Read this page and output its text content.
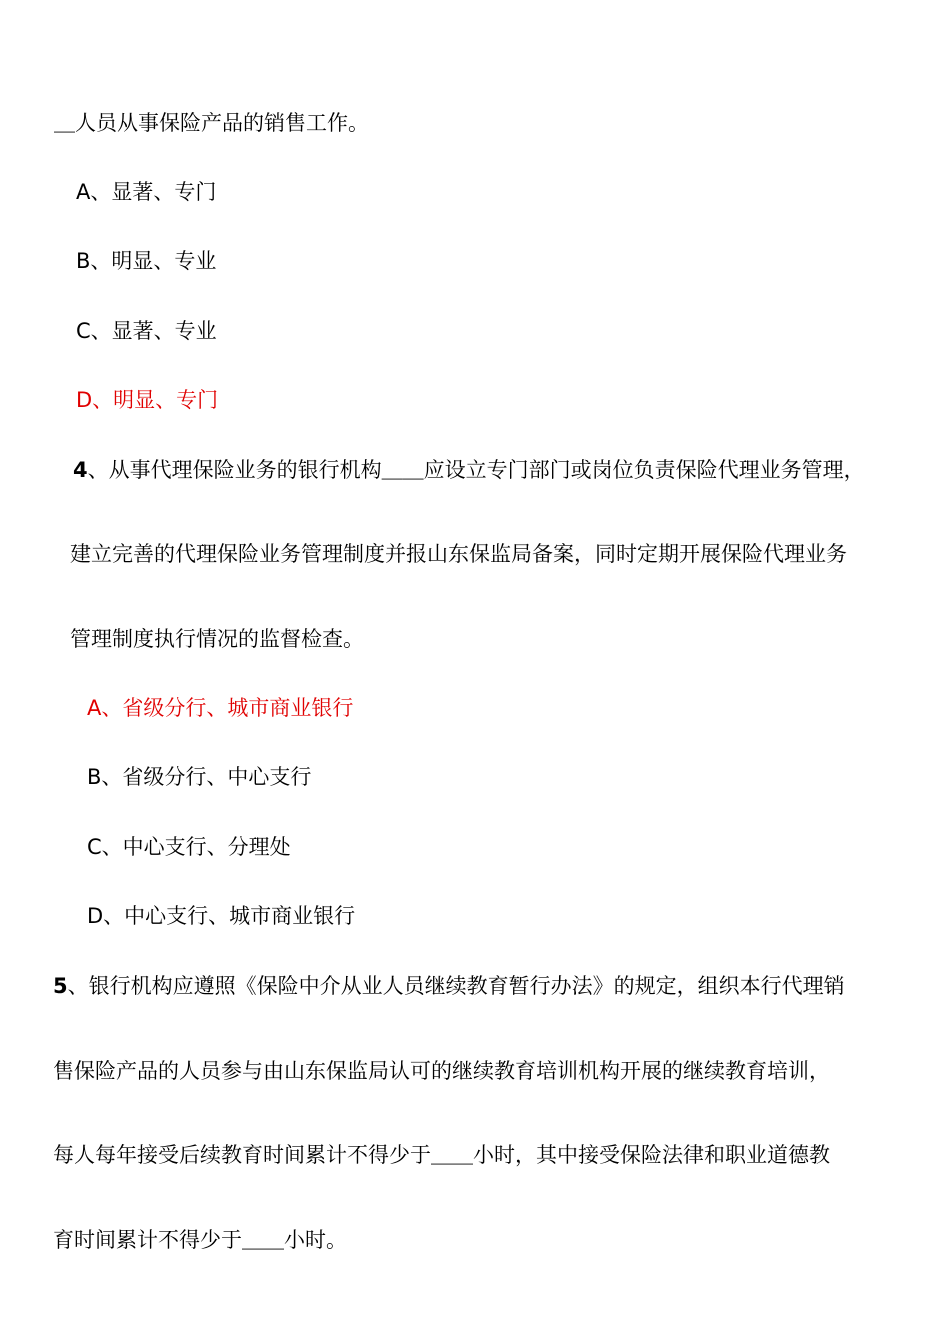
＿人员从事保险产品的销售工作。
A、显著、专门
B、明显、专业
C、显著、专业
D、明显、专门
4、从事代理保险业务的银行机构＿＿应设立专门部门或岗位负责保险代理业务管理，
建立完善的代理保险业务管理制度并报山东保监局备案，同时定期开展保险代理业务
管理制度执行情况的监督检查。
A、省级分行、城市商业银行
B、省级分行、中心支行
C、中心支行、分理处
D、中心支行、城市商业银行
5、银行机构应遵照《保险中介从业人员继续教育暂行办法》的规定，组织本行代理销
售保险产品的人员参与由山东保监局认可的继续教育培训机构开展的继续教育培训，
每人每年接受后续教育时间累计不得少于＿＿小时，其中接受保险法律和职业道德教
育时间累计不得少于＿＿小时。
